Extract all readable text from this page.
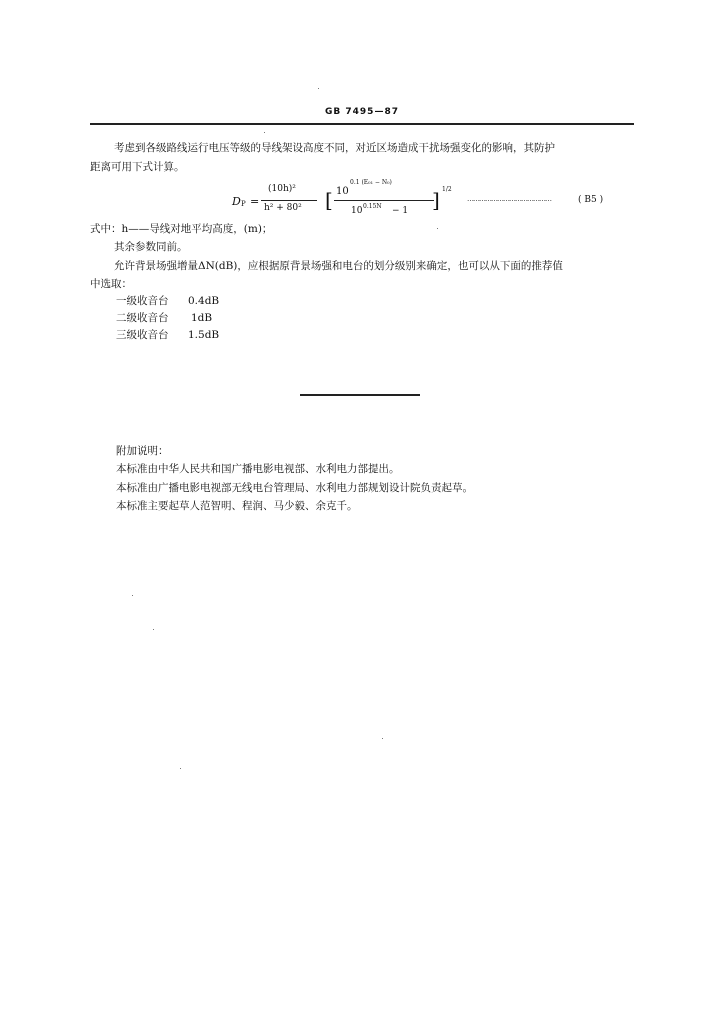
GB 7495—87
考虑到各级路线运行电压等级的导线架设高度不同，对近区场造成干扰场强变化的影响，其防护
距离可用下式计算。
D P =
(10h)²
h² + 80² [ 10
0.1 (E₀₁ − N₀)
10 0.15N − 1 ] 1/2
……………………………………	( B5 )
式中：h——导线对地平均高度，(m)；
其余参数同前。
允许背景场强增量ΔN(dB)，应根据原背景场强和电台的划分级别来确定，也可以从下面的推荐值
中选取：
一级收音台 0.4dB
二级收音台 1dB
三级收音台 1.5dB
附加说明：
本标准由中华人民共和国广播电影电视部、水利电力部提出。
本标准由广播电影电视部无线电台管理局、水利电力部规划设计院负责起草。
本标准主要起草人范智明、程润、马少毅、余克千。
